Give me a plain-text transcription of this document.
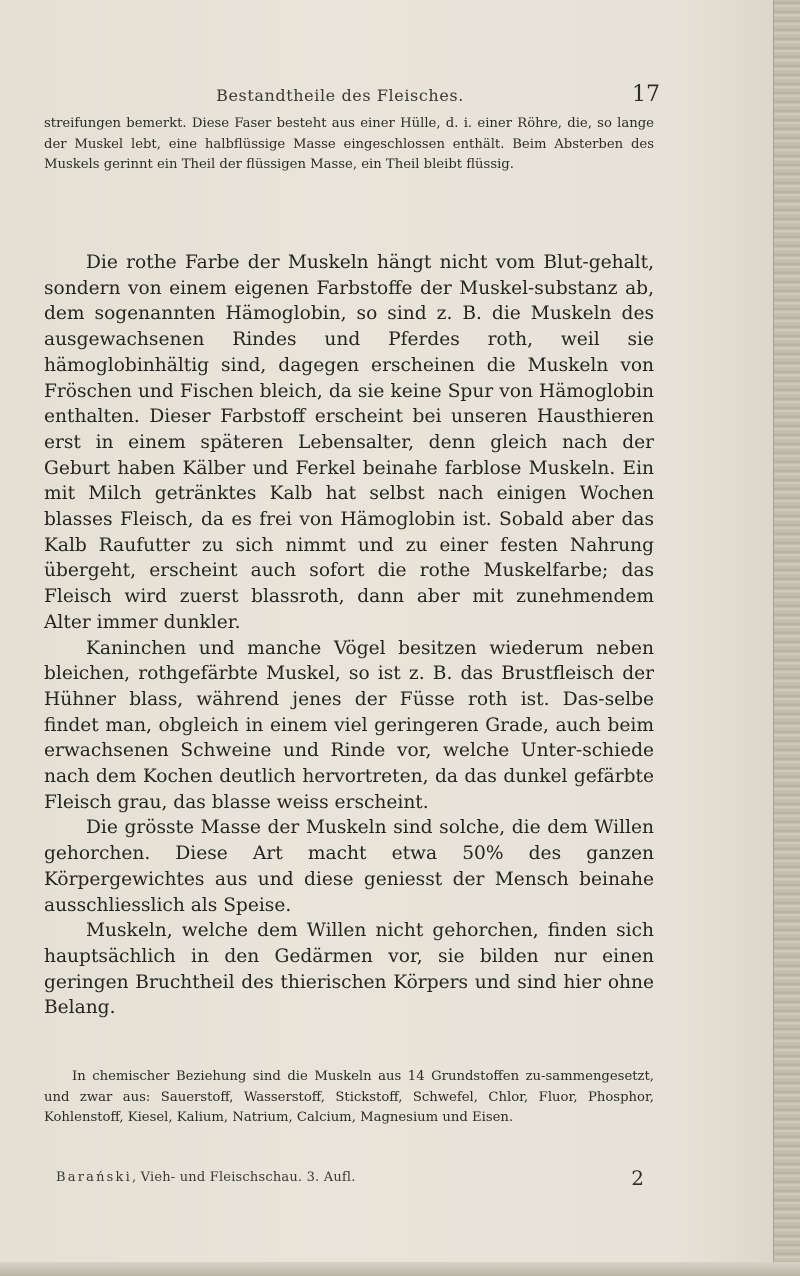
Bestandtheile des Fleisches.	17

streifungen bemerkt. Diese Faser besteht aus einer Hülle, d. i. einer Röhre, die, so lange der Muskel lebt, eine halbflüssige Masse eingeschlossen enthält. Beim Absterben des Muskels gerinnt ein Theil der flüssigen Masse, ein Theil bleibt flüssig.

Die rothe Farbe der Muskeln hängt nicht vom Blut-gehalt, sondern von einem eigenen Farbstoffe der Muskel-substanz ab, dem sogenannten Hämoglobin, so sind z. B. die Muskeln des ausgewachsenen Rindes und Pferdes roth, weil sie hämoglobinhältig sind, dagegen erscheinen die Muskeln von Fröschen und Fischen bleich, da sie keine Spur von Hämoglobin enthalten. Dieser Farbstoff erscheint bei unseren Hausthieren erst in einem späteren Lebensalter, denn gleich nach der Geburt haben Kälber und Ferkel beinahe farblose Muskeln. Ein mit Milch getränktes Kalb hat selbst nach einigen Wochen blasses Fleisch, da es frei von Hämoglobin ist. Sobald aber das Kalb Raufutter zu sich nimmt und zu einer festen Nahrung übergeht, erscheint auch sofort die rothe Muskelfarbe; das Fleisch wird zuerst blassroth, dann aber mit zunehmendem Alter immer dunkler.

Kaninchen und manche Vögel besitzen wiederum neben bleichen, rothgefärbte Muskel, so ist z. B. das Brustfleisch der Hühner blass, während jenes der Füsse roth ist. Das-selbe findet man, obgleich in einem viel geringeren Grade, auch beim erwachsenen Schweine und Rinde vor, welche Unter-schiede nach dem Kochen deutlich hervortreten, da das dunkel gefärbte Fleisch grau, das blasse weiss erscheint.

Die grösste Masse der Muskeln sind solche, die dem Willen gehorchen. Diese Art macht etwa 50% des ganzen Körpergewichtes aus und diese geniesst der Mensch beinahe ausschliesslich als Speise.

Muskeln, welche dem Willen nicht gehorchen, finden sich hauptsächlich in den Gedärmen vor, sie bilden nur einen geringen Bruchtheil des thierischen Körpers und sind hier ohne Belang.

In chemischer Beziehung sind die Muskeln aus 14 Grundstoffen zu-sammengesetzt, und zwar aus: Sauerstoff, Wasserstoff, Stickstoff, Schwefel, Chlor, Fluor, Phosphor, Kohlenstoff, Kiesel, Kalium, Natrium, Calcium, Magnesium und Eisen.

Barański, Vieh- und Fleischschau. 3. Aufl.	2
